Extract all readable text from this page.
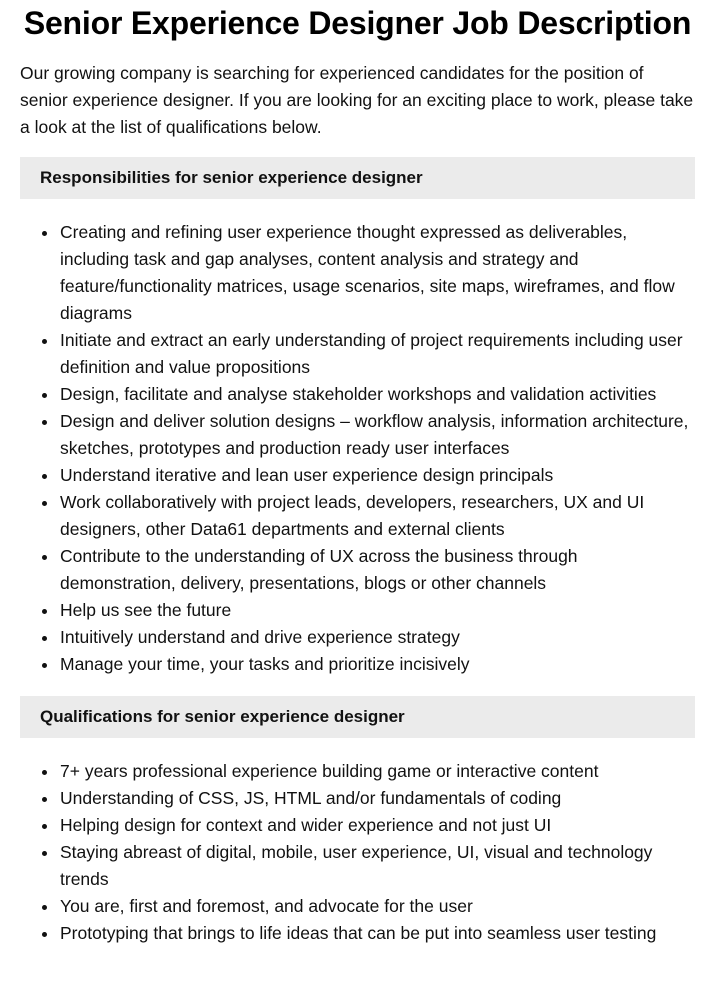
Senior Experience Designer Job Description

Our growing company is searching for experienced candidates for the position of senior experience designer. If you are looking for an exciting place to work, please take a look at the list of qualifications below.

Responsibilities for senior experience designer
Creating and refining user experience thought expressed as deliverables, including task and gap analyses, content analysis and strategy and feature/functionality matrices, usage scenarios, site maps, wireframes, and flow diagrams
Initiate and extract an early understanding of project requirements including user definition and value propositions
Design, facilitate and analyse stakeholder workshops and validation activities
Design and deliver solution designs – workflow analysis, information architecture, sketches, prototypes and production ready user interfaces
Understand iterative and lean user experience design principals
Work collaboratively with project leads, developers, researchers, UX and UI designers, other Data61 departments and external clients
Contribute to the understanding of UX across the business through demonstration, delivery, presentations, blogs or other channels
Help us see the future
Intuitively understand and drive experience strategy
Manage your time, your tasks and prioritize incisively
Qualifications for senior experience designer
7+ years professional experience building game or interactive content
Understanding of CSS, JS, HTML and/or fundamentals of coding
Helping design for context and wider experience and not just UI
Staying abreast of digital, mobile, user experience, UI, visual and technology trends
You are, first and foremost, and advocate for the user
Prototyping that brings to life ideas that can be put into seamless user testing
